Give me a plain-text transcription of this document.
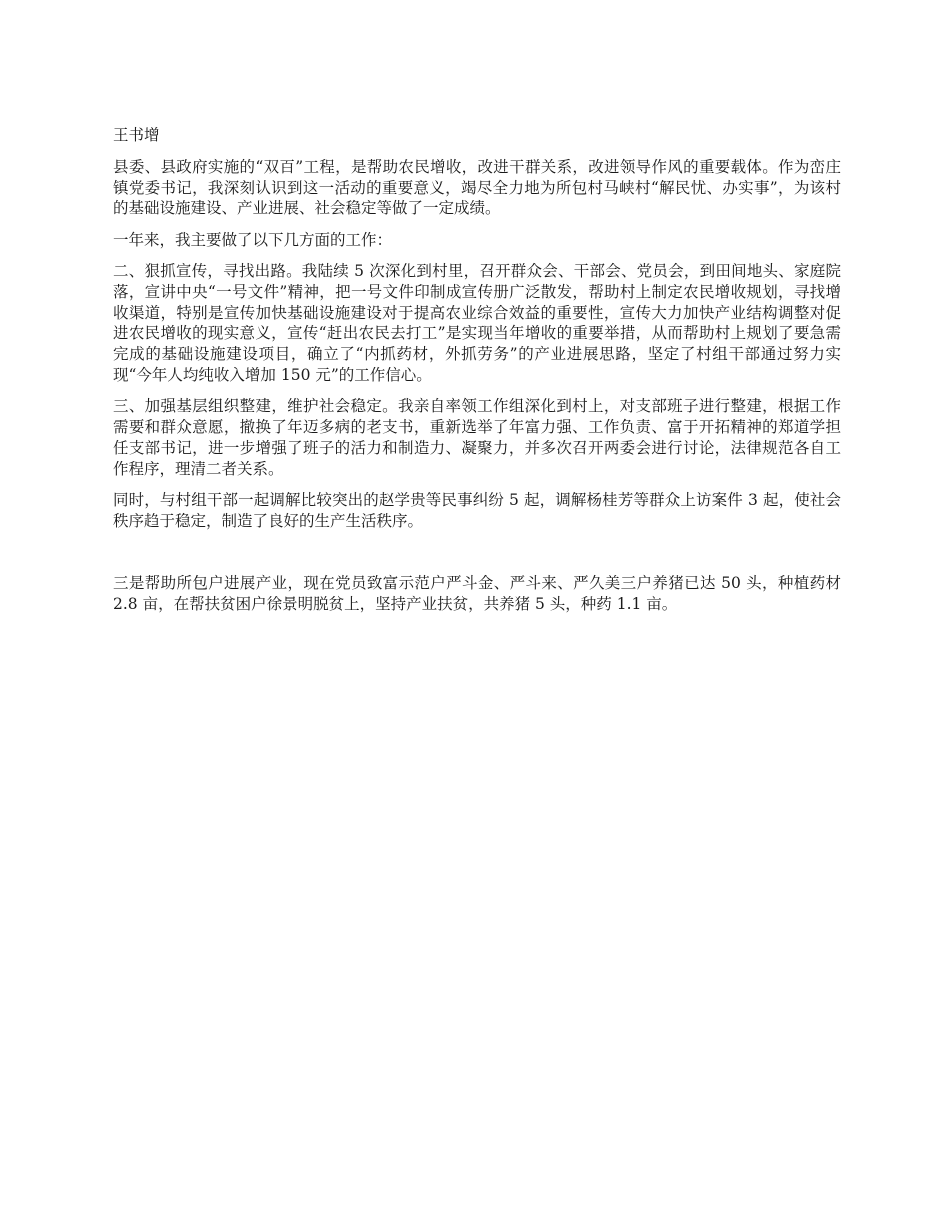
王书增

县委、县政府实施的“双百”工程，是帮助农民增收，改进干群关系，改进领导作风的重要载体。作为峦庄镇党委书记，我深刻认识到这一活动的重要意义，竭尽全力地为所包村马峡村“解民忧、办实事”，为该村的基础设施建设、产业进展、社会稳定等做了一定成绩。

一年来，我主要做了以下几方面的工作：

二、狠抓宣传，寻找出路。我陆续 5 次深化到村里，召开群众会、干部会、党员会，到田间地头、家庭院落，宣讲中央“一号文件”精神，把一号文件印制成宣传册广泛散发，帮助村上制定农民增收规划，寻找增收渠道，特别是宣传加快基础设施建设对于提高农业综合效益的重要性，宣传大力加快产业结构调整对促进农民增收的现实意义，宣传“赶出农民去打工”是实现当年增收的重要举措，从而帮助村上规划了要急需完成的基础设施建设项目，确立了“内抓药材，外抓劳务”的产业进展思路，坚定了村组干部通过努力实现“今年人均纯收入增加 150 元”的工作信心。

三、加强基层组织整建，维护社会稳定。我亲自率领工作组深化到村上，对支部班子进行整建，根据工作需要和群众意愿，撤换了年迈多病的老支书，重新选举了年富力强、工作负责、富于开拓精神的郑道学担任支部书记，进一步增强了班子的活力和制造力、凝聚力，并多次召开两委会进行讨论，法律规范各自工作程序，理清二者关系。

同时，与村组干部一起调解比较突出的赵学贵等民事纠纷 5 起，调解杨桂芳等群众上访案件 3 起，使社会秩序趋于稳定，制造了良好的生产生活秩序。

三是帮助所包户进展产业，现在党员致富示范户严斗金、严斗来、严久美三户养猪已达 50 头，种植药材 2.8 亩，在帮扶贫困户徐景明脱贫上，坚持产业扶贫，共养猪 5 头，种药 1.1 亩。
